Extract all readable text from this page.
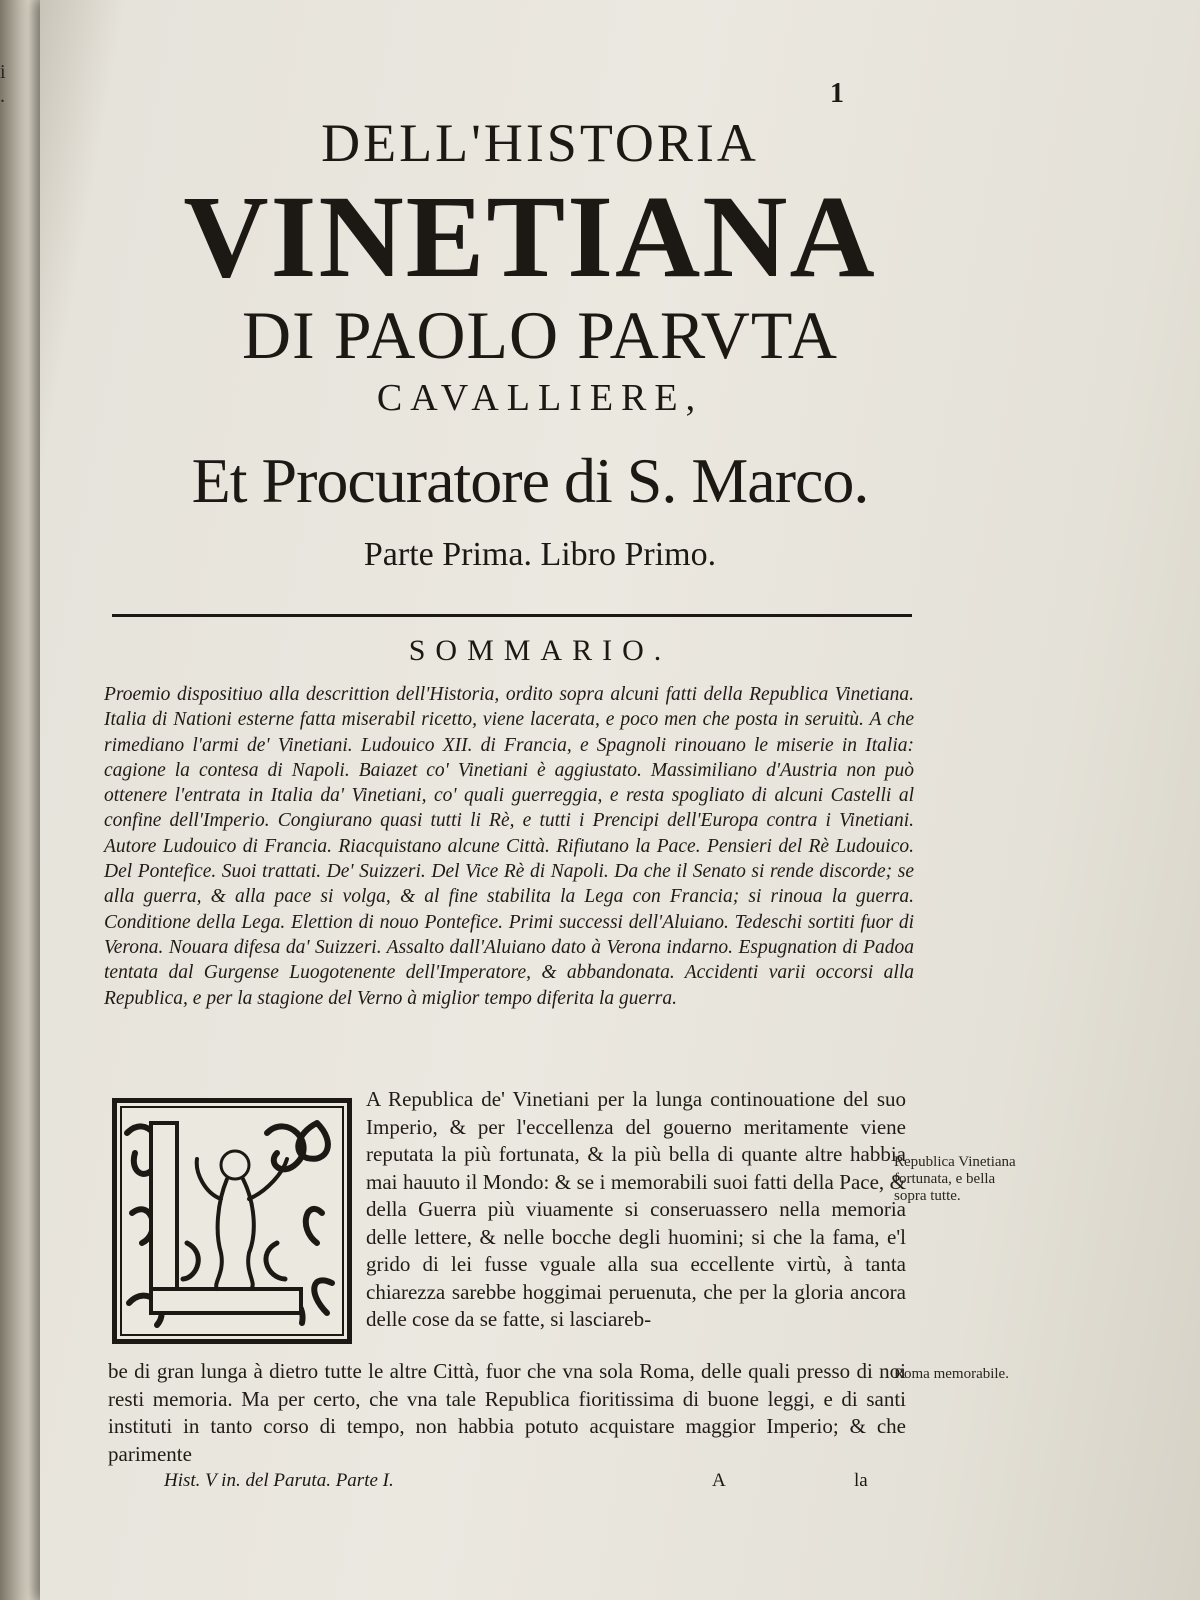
i
.	1
DELL'HISTORIA
VINETIANA
DI PAOLO PARVTA
CAVALLIERE,
Et Procuratore di S. Marco.
Parte Prima. Libro Primo.
SOMMARIO.
Proemio dispositiuo alla descrittion dell'Historia, ordito sopra alcuni fatti della Republica Vinetiana. Italia di Nationi esterne fatta miserabil ricetto, viene lacerata, e poco men che posta in seruitù. A che rimediano l'armi de' Vinetiani. Ludouico XII. di Francia, e Spagnoli rinouano le miserie in Italia: cagione la contesa di Napoli. Baiazet co' Vinetiani è aggiustato. Massimiliano d'Austria non può ottenere l'entrata in Italia da' Vinetiani, co' quali guerreggia, e resta spogliato di alcuni Castelli al confine dell'Imperio. Congiurano quasi tutti li Rè, e tutti i Prencipi dell'Europa contra i Vinetiani. Autore Ludouico di Francia. Riacquistano alcune Città. Rifiutano la Pace. Pensieri del Rè Ludouico. Del Pontefice. Suoi trattati. De' Suizzeri. Del Vice Rè di Napoli. Da che il Senato si rende discorde; se alla guerra, & alla pace si volga, & al fine stabilita la Lega con Francia; si rinoua la guerra. Conditione della Lega. Elettion di nouo Pontefice. Primi successi dell'Aluiano. Tedeschi sortiti fuor di Verona. Nouara difesa da' Suizzeri. Assalto dall'Aluiano dato à Verona indarno. Espugnation di Padoa tentata dal Gurgense Luogotenente dell'Imperatore, & abbandonata. Accidenti varii occorsi alla Republica, e per la stagione del Verno à miglior tempo diferita la guerra.
A Republica de' Vinetiani per la lunga continouatione del suo Imperio, & per l'eccellenza del gouerno meritamente viene reputata la più fortunata, & la più bella di quante altre habbia mai hauuto il Mondo: & se i memorabili suoi fatti della Pace, & della Guerra più viuamente si conseruassero nella memoria delle lettere, & nelle bocche degli huomini; si che la fama, e'l grido di lei fusse vguale alla sua eccellente virtù, à tanta chiarezza sarebbe hoggimai peruenuta, che per la gloria ancora delle cose da se fatte, si lasciareb-
be di gran lunga à dietro tutte le altre Città, fuor che vna sola Roma, delle quali presso di noi resti memoria. Ma per certo, che vna tale Republica fioritissima di buone leggi, e di santi instituti in tanto corso di tempo, non habbia potuto acquistare maggior Imperio; & che parimente
Republica Vinetiana fortunata, e bella sopra tutte.
Roma memorabile.
Hist. V in. del Paruta. Parte I.	A	la
